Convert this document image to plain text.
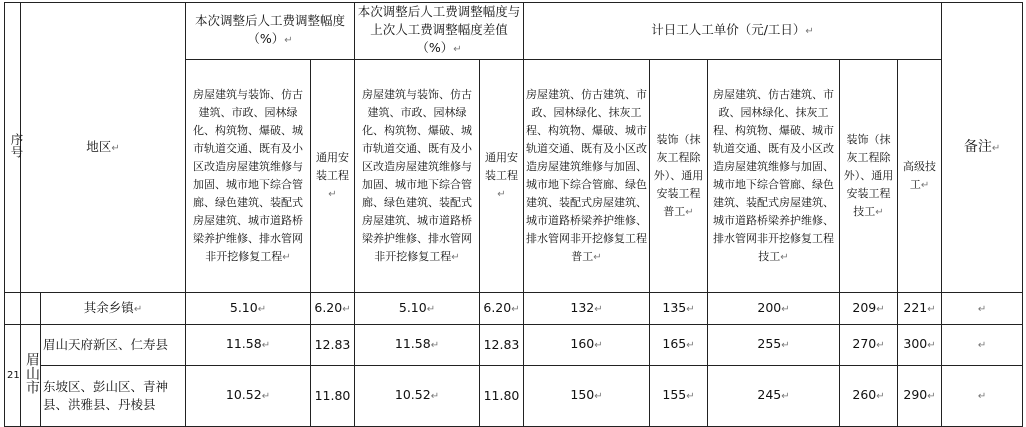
序号	地区↵		本次调整后人工费调整幅度（%）↵		本次调整后人工费调整幅度与上次人工费调整幅度差值（%）↵		计日工人工单价（元/工日）↵					备注↵
			房屋建筑与装饰、仿古建筑、市政、园林绿化、构筑物、爆破、城市轨道交通、既有及小区改造房屋建筑维修与加固、城市地下综合管廊、绿色建筑、装配式房屋建筑、城市道路桥梁养护维修、排水管网非开挖修复工程↵	通用安装工程↵	房屋建筑与装饰、仿古建筑、市政、园林绿化、构筑物、爆破、城市轨道交通、既有及小区改造房屋建筑维修与加固、城市地下综合管廊、绿色建筑、装配式房屋建筑、城市道路桥梁养护维修、排水管网非开挖修复工程↵	通用安装工程↵	房屋建筑、仿古建筑、市政、园林绿化、抹灰工程、构筑物、爆破、城市轨道交通、既有及小区改造房屋建筑维修与加固、城市地下综合管廊、绿色建筑、装配式房屋建筑、城市道路桥梁养护维修、排水管网非开挖修复工程普工↵	装饰（抹灰工程除外）、通用安装工程普工↵	房屋建筑、仿古建筑、市政、园林绿化、抹灰工程、构筑物、爆破、城市轨道交通、既有及小区改造房屋建筑维修与加固、城市地下综合管廊、绿色建筑、装配式房屋建筑、城市道路桥梁养护维修、排水管网非开挖修复工程技工↵	装饰（抹灰工程除外）、通用安装工程技工↵	高级技工↵	
		其余乡镇↵	5.10↵	6.20↵	5.10↵	6.20↵	132↵	135↵	200↵	209↵	221↵	↵
21	眉山市	眉山天府新区、仁寿县	11.58↵	12.83	11.58↵	12.83	160↵	165↵	255↵	270↵	300↵	↵
		东坡区、彭山区、青神县、洪雅县、丹棱县	10.52↵	11.80	10.52↵	11.80	150↵	155↵	245↵	260↵	290↵	↵
